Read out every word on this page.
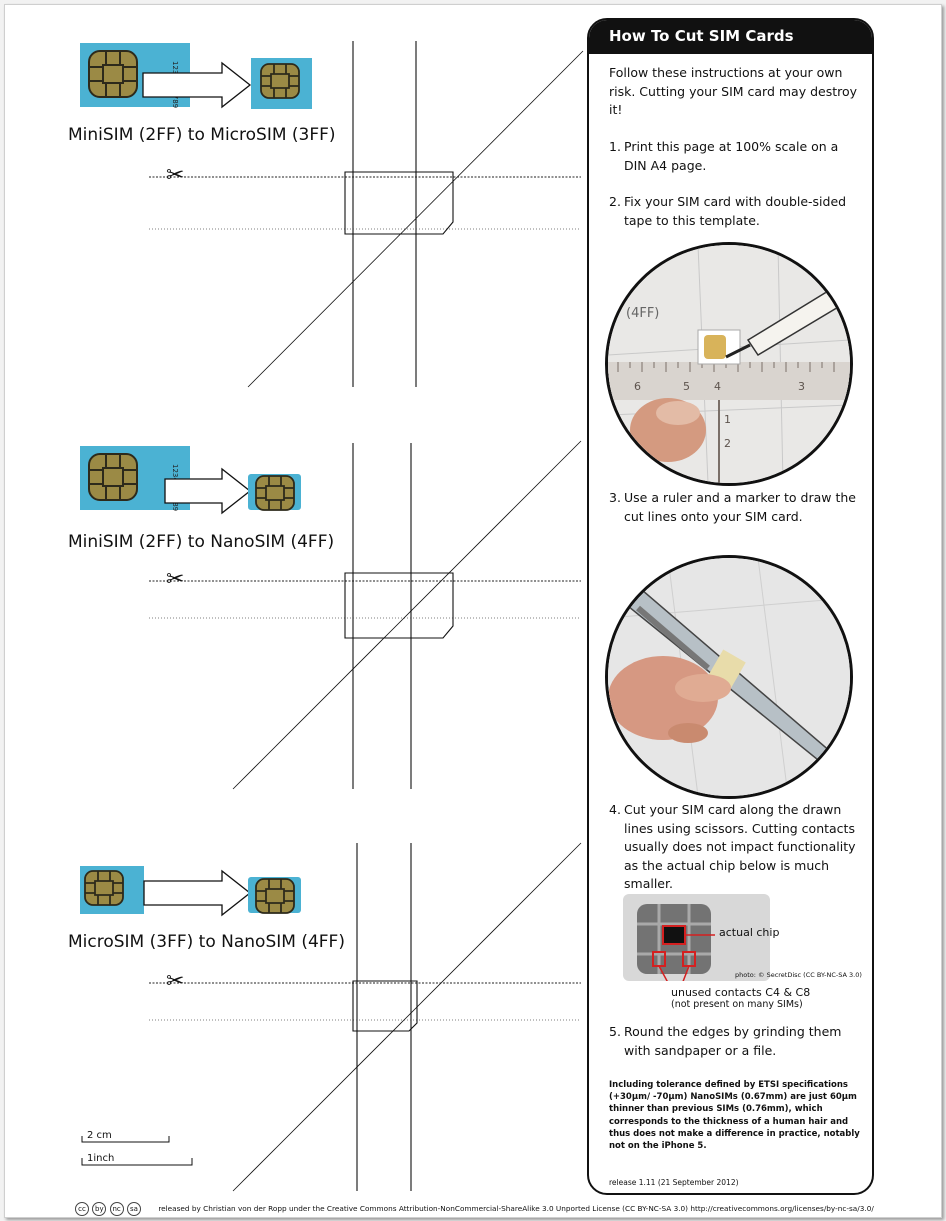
MiniSIM (2FF) to MicroSIM (3FF)
MiniSIM (2FF) to NanoSIM (4FF)
MicroSIM (3FF) to NanoSIM (4FF)
✂
✂
✂
2 cm
1inch
How To Cut SIM Cards
Follow these instructions at your own risk. Cutting your SIM card may destroy it!
1. Print this page at 100% scale on a DIN A4 page.
2. Fix your SIM card with double-sided tape to this template.
6	5 4	3
2
1
(4FF)
3. Use a ruler and a marker to draw the cut lines onto your SIM card.
4. Cut your SIM card along the drawn lines using scissors. Cutting contacts usually does not impact functionality as the actual chip below is much smaller.
actual chip
photo: © SecretDisc (CC BY-NC-SA 3.0)
unused contacts C4 & C8
(not present on many SIMs)
5. Round the edges by grinding them with sandpaper or a file.
Including tolerance defined by ETSI specifications (+30µm/ -70µm) NanoSIMs (0.67mm) are just 60µm thinner than previous SIMs (0.76mm), which corresponds to the thickness of a human hair and thus does not make a difference in practice, notably not on the iPhone 5.
release 1.11 (21 September 2012)
cc by nc sa	released by Christian von der Ropp under the Creative Commons Attribution-NonCommercial-ShareAlike 3.0 Unported License (CC BY-NC-SA 3.0) http://creativecommons.org/licenses/by-nc-sa/3.0/
